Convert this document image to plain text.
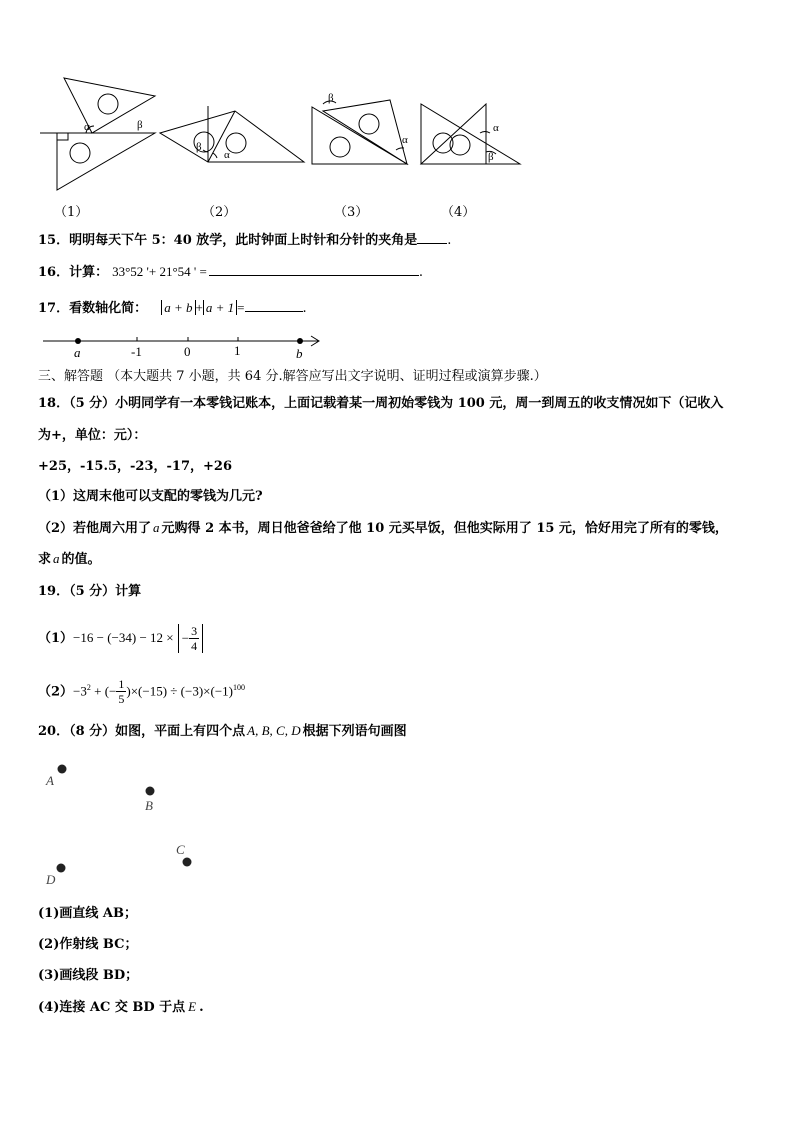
α	β
β
α
β
α
α
β
（1）	（2）	（3）	（4）
15．明明每天下午 5：40 放学，此时钟面上时针和分针的夹角是 .
16．计算： 33°52 '+ 21°54 ' =	.
17．看数轴化简： a + b + a + 1 =	.
a	-1	0	1	b
三、解答题 （本大题共 7 小题，共 64 分.解答应写出文字说明、证明过程或演算步骤.）
18．（5 分）小明同学有一本零钱记账本，上面记载着某一周初始零钱为 100 元，周一到周五的收支情况如下（记收入
为+，单位：元）：
+25，-15.5，-23，-17，+26
（1）这周末他可以支配的零钱为几元?
（2）若他周六用了 a 元购得 2 本书，周日他爸爸给了他 10 元买早饭，但他实际用了 15 元，恰好用完了所有的零钱，
求 a 的值。
19．（5 分）计算
（1）−16 − (−34) − 12 × − $\frac{3}{4}$
$(2)-3^2$ + (− $\frac{1}{5} )\times(-15) \div (-3)\times(-1)^{100}$
20．（8 分）如图，平面上有四个点 A, B, C, D 根据下列语句画图
A
B
C
D
(1)画直线 AB；
(2)作射线 BC；
(3)画线段 BD；
(4)连接 AC 交 BD 于点 E .
